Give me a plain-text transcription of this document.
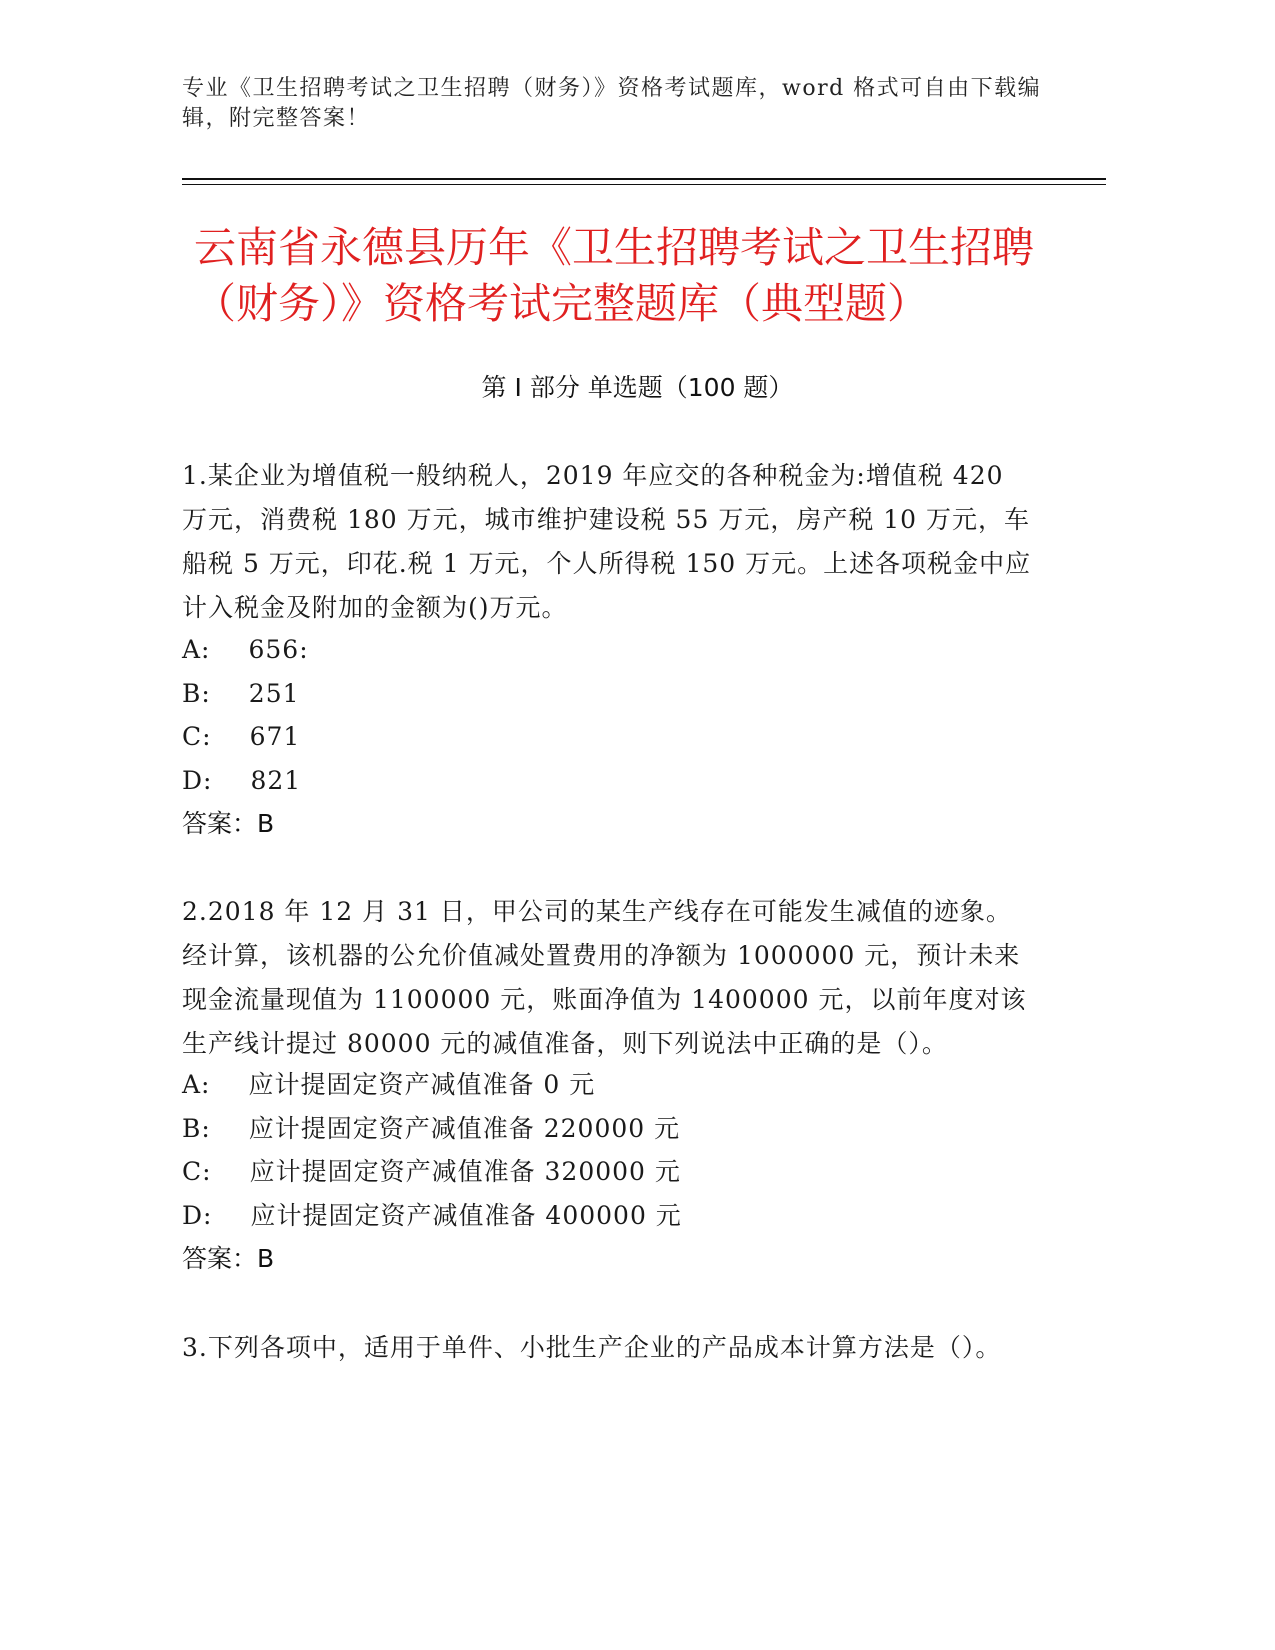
专业《卫生招聘考试之卫生招聘（财务）》资格考试题库，word 格式可自由下载编辑，附完整答案！
云南省永德县历年《卫生招聘考试之卫生招聘（财务）》资格考试完整题库（典型题）
第 I 部分 单选题（100 题）
1.某企业为增值税一般纳税人，2019 年应交的各种税金为:增值税 420 万元，消费税 180 万元，城市维护建设税 55 万元，房产税 10 万元，车船税 5 万元，印花.税 1 万元，个人所得税 150 万元。上述各项税金中应计入税金及附加的金额为()万元。
A: 656:
B: 251
C: 671
D: 821
答案：B
2.2018 年 12 月 31 日，甲公司的某生产线存在可能发生减值的迹象。经计算，该机器的公允价值减处置费用的净额为 1000000 元，预计未来现金流量现值为 1100000 元，账面净值为 1400000 元，以前年度对该生产线计提过 80000 元的减值准备，则下列说法中正确的是（）。
A: 应计提固定资产减值准备 0 元
B: 应计提固定资产减值准备 220000 元
C: 应计提固定资产减值准备 320000 元
D: 应计提固定资产减值准备 400000 元
答案：B
3.下列各项中，适用于单件、小批生产企业的产品成本计算方法是（）。
